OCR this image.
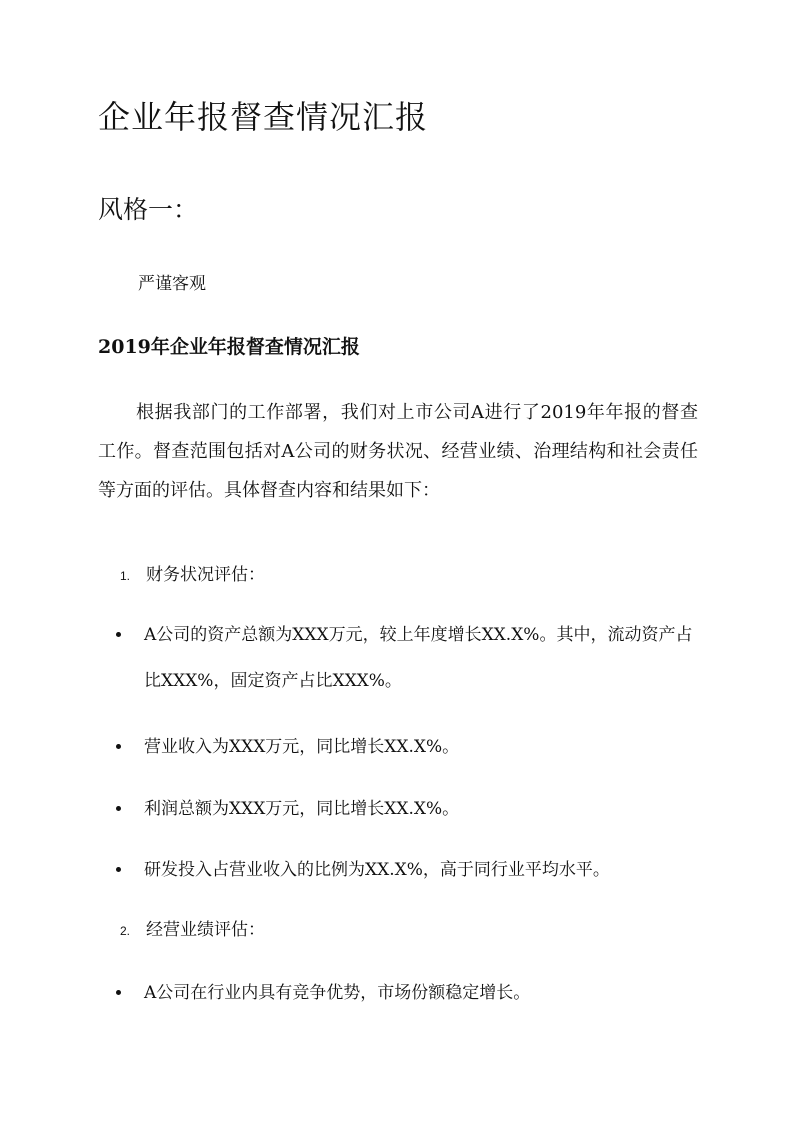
企业年报督查情况汇报
风格一：
严谨客观
2019年企业年报督查情况汇报

根据我部门的工作部署，我们对上市公司A进行了2019年年报的督查工作。督查范围包括对A公司的财务状况、经营业绩、治理结构和社会责任等方面的评估。具体督查内容和结果如下：

1. 财务状况评估：
A公司的资产总额为XXX万元，较上年度增长XX.X%。其中，流动资产占比XXX%，固定资产占比XXX%。
营业收入为XXX万元，同比增长XX.X%。
利润总额为XXX万元，同比增长XX.X%。
研发投入占营业收入的比例为XX.X%，高于同行业平均水平。
2. 经营业绩评估：
A公司在行业内具有竞争优势，市场份额稳定增长。
